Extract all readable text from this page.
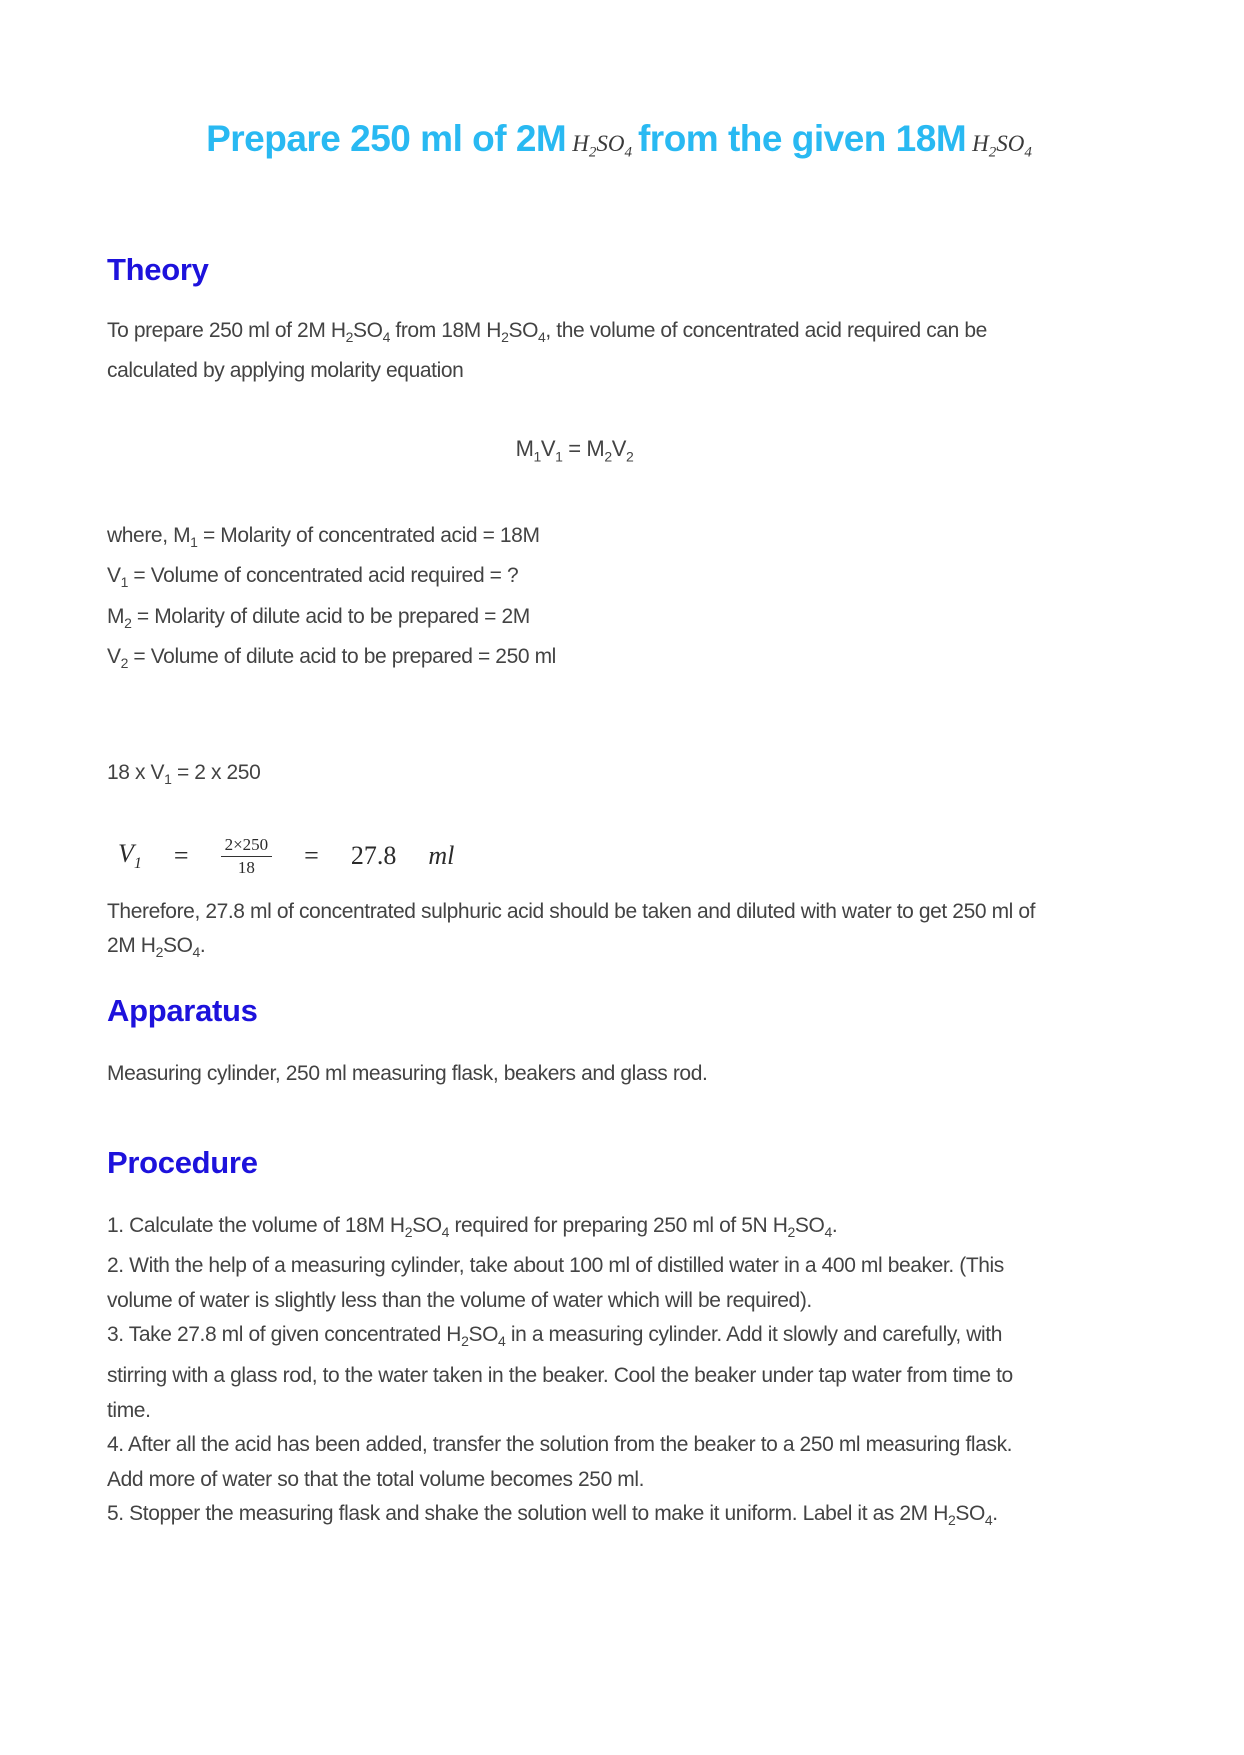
Prepare 250 ml of 2M $H_2SO_4$ from the given 18M $H_2SO_4$
Theory

To prepare 250 ml of 2M $H_2SO_4$ from 18M $H_2SO_4$, the volume of concentrated acid required can be calculated by applying molarity equation

$M_1V_1 = M_2V_2$

where, $M_1$ = Molarity of concentrated acid = 18M

$V_1$ = Volume of concentrated acid required = ?

$M_2$ = Molarity of dilute acid to be prepared = 2M

$V_2$ = Volume of dilute acid to be prepared = 250 ml

18 x $V_1 = 2$ x 250

$V_1 = \frac{2\times 250}{18} = 27.8$ ml

Therefore, 27.8 ml of concentrated sulphuric acid should be taken and diluted with water to get 250 ml of 2M $H_2SO_4$.

Apparatus

Measuring cylinder, 250 ml measuring flask, beakers and glass rod.

Procedure

1. Calculate the volume of 18M $H_2SO_4$ required for preparing 250 ml of 5N $H_2SO_4$.

2. With the help of a measuring cylinder, take about 100 ml of distilled water in a 400 ml beaker. (This volume of water is slightly less than the volume of water which will be required).

3. Take 27.8 ml of given concentrated $H_2SO_4$ in a measuring cylinder. Add it slowly and carefully, with stirring with a glass rod, to the water taken in the beaker. Cool the beaker under tap water from time to time.

4. After all the acid has been added, transfer the solution from the beaker to a 250 ml measuring flask. Add more of water so that the total volume becomes 250 ml.

5. Stopper the measuring flask and shake the solution well to make it uniform. Label it as 2M $H_2SO_4$.
